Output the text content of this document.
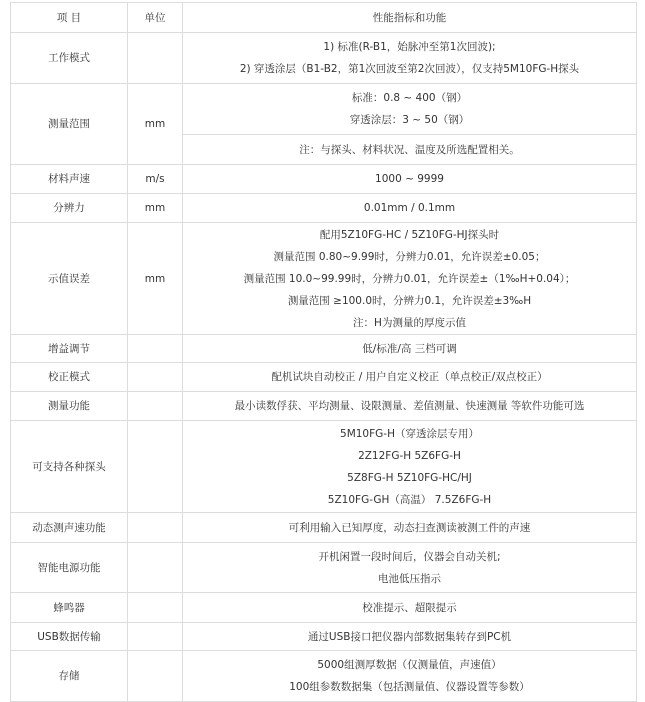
项 目	单位	性能指标和功能
工作模式		1) 标准(R-B1，始脉冲至第1次回波);
2) 穿透涂层（B1-B2，第1次回波至第2次回波），仅支持5M10FG-H探头

测量范围	mm	标准：0.8 ~ 400（钢）
穿透涂层：3 ~ 50（钢）

		注：与探头、材料状况、温度及所选配置相关。
材料声速	m/s	1000 ~ 9999
分辨力	mm	0.01mm / 0.1mm
示值误差	mm	配用5Z10FG-HC / 5Z10FG-HJ探头时
测量范围 0.80~9.99时，分辨力0.01，允许误差±0.05；
测量范围 10.0~99.99时，分辨力0.01，允许误差±（1‰H+0.04）；
测量范围 ≥100.0时，分辨力0.1，允许误差±3‰H
注：H为测量的厚度示值

增益调节		低/标准/高 三档可调
校正模式		配机试块自动校正 / 用户自定义校正（单点校正/双点校正）
测量功能		最小读数俘获、平均测量、设限测量、差值测量、快速测量 等软件功能可选
可支持各种探头		5M10FG-H（穿透涂层专用）
2Z12FG-H 5Z6FG-H
5Z8FG-H 5Z10FG-HC/HJ
5Z10FG-GH（高温） 7.5Z6FG-H

动态测声速功能		可利用输入已知厚度，动态扫查测读被测工件的声速
智能电源功能		开机闲置一段时间后，仪器会自动关机;
电池低压指示

蜂鸣器		校准提示、超限提示
USB数据传输		通过USB接口把仪器内部数据集转存到PC机
存储		5000组测厚数据（仅测量值，声速值）
100组参数数据集（包括测量值、仪器设置等参数）
